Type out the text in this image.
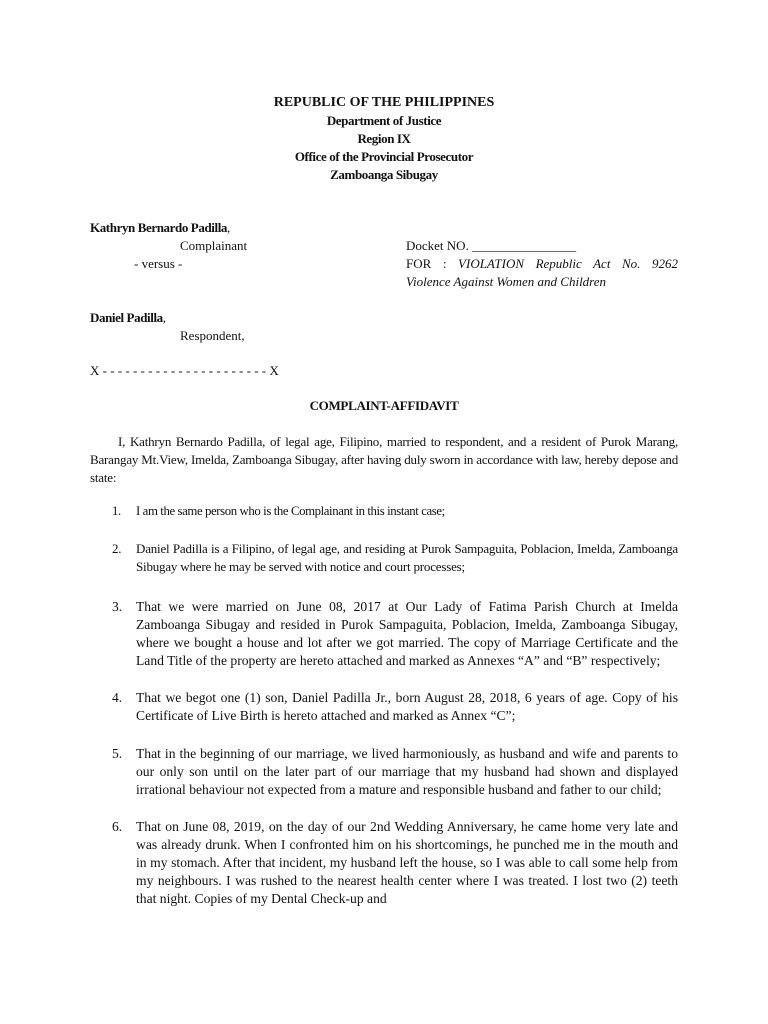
REPUBLIC OF THE PHILIPPINES
Department of Justice
Region IX
Office of the Provincial Prosecutor
Zamboanga Sibugay
Kathryn Bernardo Padilla,
Complainant
- versus -
Docket NO. ________________
FOR : VIOLATION Republic Act No. 9262
Violence Against Women and Children
Daniel Padilla,
Respondent,
X - - - - - - - - - - - - - - - - - - - - - - X
COMPLAINT-AFFIDAVIT
I, Kathryn Bernardo Padilla, of legal age, Filipino, married to respondent, and a resident of Purok Marang, Barangay Mt.View, Imelda, Zamboanga Sibugay, after having duly sworn in accordance with law, hereby depose and state:
1. I am the same person who is the Complainant in this instant case;
2. Daniel Padilla is a Filipino, of legal age, and residing at Purok Sampaguita, Poblacion, Imelda, Zamboanga Sibugay where he may be served with notice and court processes;
3. That we were married on June 08, 2017 at Our Lady of Fatima Parish Church at Imelda Zamboanga Sibugay and resided in Purok Sampaguita, Poblacion, Imelda, Zamboanga Sibugay, where we bought a house and lot after we got married. The copy of Marriage Certificate and the Land Title of the property are hereto attached and marked as Annexes “A” and “B” respectively;
4. That we begot one (1) son, Daniel Padilla Jr., born August 28, 2018, 6 years of age. Copy of his Certificate of Live Birth is hereto attached and marked as Annex “C”;
5. That in the beginning of our marriage, we lived harmoniously, as husband and wife and parents to our only son until on the later part of our marriage that my husband had shown and displayed irrational behaviour not expected from a mature and responsible husband and father to our child;
6. That on June 08, 2019, on the day of our 2nd Wedding Anniversary, he came home very late and was already drunk. When I confronted him on his shortcomings, he punched me in the mouth and in my stomach. After that incident, my husband left the house, so I was able to call some help from my neighbours. I was rushed to the nearest health center where I was treated. I lost two (2) teeth that night. Copies of my Dental Check-up and
